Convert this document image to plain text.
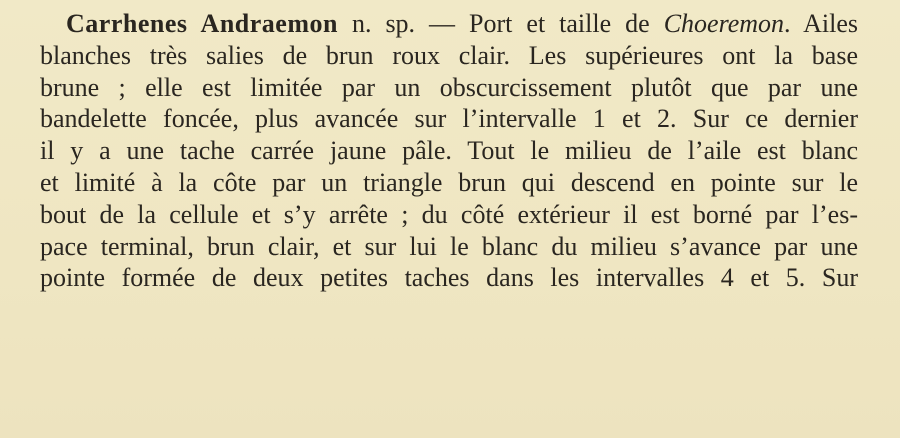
Carrhenes Andraemon n. sp. — Port et taille de Choeremon. Ailes
blanches très salies de brun roux clair. Les supérieures ont la base
brune ; elle est limitée par un obscurcissement plutôt que par une
bandelette foncée, plus avancée sur l’intervalle 1 et 2. Sur ce dernier
il y a une tache carrée jaune pâle. Tout le milieu de l’aile est blanc
et limité à la côte par un triangle brun qui descend en pointe sur le
bout de la cellule et s’y arrête ; du côté extérieur il est borné par l’es-
pace terminal, brun clair, et sur lui le blanc du milieu s’avance par une
pointe formée de deux petites taches dans les intervalles 4 et 5. Sur
